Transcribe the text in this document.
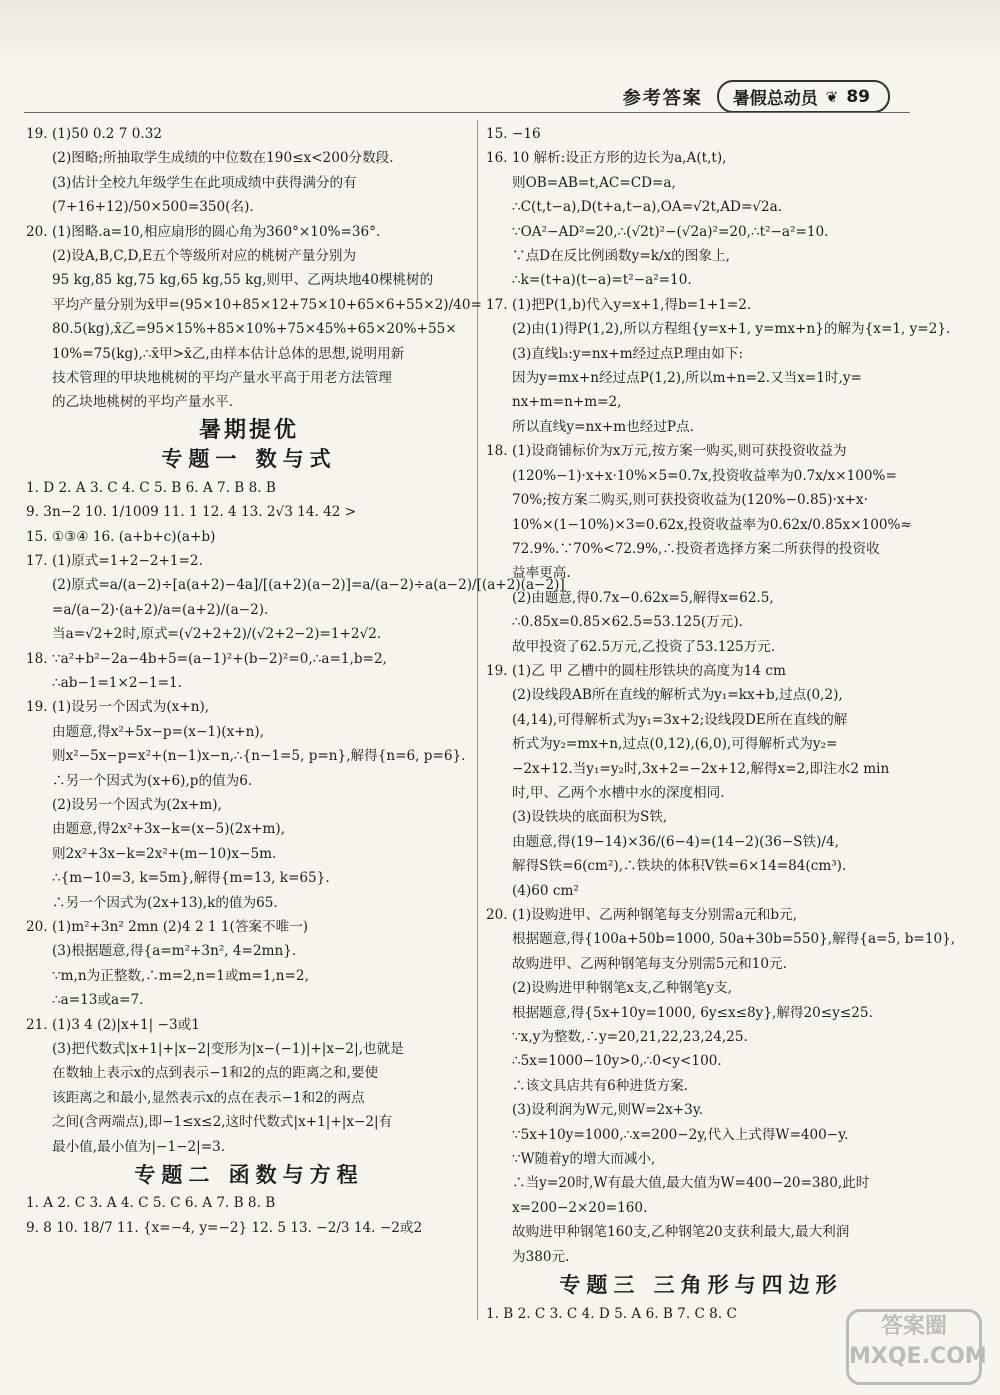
参考答案 暑假总动员 ❦ 89
19. (1)50 0.2 7 0.32
(2)图略;所抽取学生成绩的中位数在190≤x<200分数段.
(3)估计全校九年级学生在此项成绩中获得满分的有
(7+16+12)/50×500=350(名).
20. (1)图略.a=10,相应扇形的圆心角为360°×10%=36°.
(2)设A,B,C,D,E五个等级所对应的桃树产量分别为
95 kg,85 kg,75 kg,65 kg,55 kg,则甲、乙两块地40棵桃树的
平均产量分别为x̄甲=(95×10+85×12+75×10+65×6+55×2)/40=
80.5(kg),x̄乙=95×15%+85×10%+75×45%+65×20%+55×
10%=75(kg),∴x̄甲>x̄乙,由样本估计总体的思想,说明用新
技术管理的甲块地桃树的平均产量水平高于用老方法管理
的乙块地桃树的平均产量水平.
暑期提优
专题一 数与式
1. D 2. A 3. C 4. C 5. B 6. A 7. B 8. B
9. 3n−2 10. 1/1009 11. 1 12. 4 13. 2√3 14. 42 >
15. ①③④ 16. (a+b+c)(a+b)
17. (1)原式=1+2−2+1=2.
(2)原式=a/(a−2)÷[a(a+2)−4a]/[(a+2)(a−2)]=a/(a−2)÷a(a−2)/[(a+2)(a−2)]
=a/(a−2)·(a+2)/a=(a+2)/(a−2).
当a=√2+2时,原式=(√2+2+2)/(√2+2−2)=1+2√2.
18. ∵a²+b²−2a−4b+5=(a−1)²+(b−2)²=0,∴a=1,b=2,
∴ab−1=1×2−1=1.
19. (1)设另一个因式为(x+n),
由题意,得x²+5x−p=(x−1)(x+n),
则x²−5x−p=x²+(n−1)x−n,∴{n−1=5, p=n},解得{n=6, p=6}.
∴另一个因式为(x+6),p的值为6.
(2)设另一个因式为(2x+m),
由题意,得2x²+3x−k=(x−5)(2x+m),
则2x²+3x−k=2x²+(m−10)x−5m.
∴{m−10=3, k=5m},解得{m=13, k=65}.
∴另一个因式为(2x+13),k的值为65.
20. (1)m²+3n² 2mn (2)4 2 1 1(答案不唯一)
(3)根据题意,得{a=m²+3n², 4=2mn}.
∵m,n为正整数,∴m=2,n=1或m=1,n=2,
∴a=13或a=7.
21. (1)3 4 (2)|x+1| −3或1
(3)把代数式|x+1|+|x−2|变形为|x−(−1)|+|x−2|,也就是
在数轴上表示x的点到表示−1和2的点的距离之和,要使
该距离之和最小,显然表示x的点在表示−1和2的两点
之间(含两端点),即−1≤x≤2,这时代数式|x+1|+|x−2|有
最小值,最小值为|−1−2|=3.
专题二 函数与方程
1. A 2. C 3. A 4. C 5. C 6. A 7. B 8. B
9. 8 10. 18/7 11. {x=−4, y=−2} 12. 5 13. −2/3 14. −2或2
15. −16
16. 10 解析:设正方形的边长为a,A(t,t),
则OB=AB=t,AC=CD=a,
∴C(t,t−a),D(t+a,t−a),OA=√2t,AD=√2a.
∵OA²−AD²=20,∴(√2t)²−(√2a)²=20,∴t²−a²=10.
∵点D在反比例函数y=k/x的图象上,
∴k=(t+a)(t−a)=t²−a²=10.
17. (1)把P(1,b)代入y=x+1,得b=1+1=2.
(2)由(1)得P(1,2),所以方程组{y=x+1, y=mx+n}的解为{x=1, y=2}.
(3)直线l₃:y=nx+m经过点P.理由如下:
因为y=mx+n经过点P(1,2),所以m+n=2.又当x=1时,y=
nx+m=n+m=2,
所以直线y=nx+m也经过P点.
18. (1)设商铺标价为x万元,按方案一购买,则可获投资收益为
(120%−1)·x+x·10%×5=0.7x,投资收益率为0.7x/x×100%=
70%;按方案二购买,则可获投资收益为(120%−0.85)·x+x·
10%×(1−10%)×3=0.62x,投资收益率为0.62x/0.85x×100%≈
72.9%.∵70%<72.9%,∴投资者选择方案二所获得的投资收
益率更高.
(2)由题意,得0.7x−0.62x=5,解得x=62.5,
∴0.85x=0.85×62.5=53.125(万元).
故甲投资了62.5万元,乙投资了53.125万元.
19. (1)乙 甲 乙槽中的圆柱形铁块的高度为14 cm
(2)设线段AB所在直线的解析式为y₁=kx+b,过点(0,2),
(4,14),可得解析式为y₁=3x+2;设线段DE所在直线的解
析式为y₂=mx+n,过点(0,12),(6,0),可得解析式为y₂=
−2x+12.当y₁=y₂时,3x+2=−2x+12,解得x=2,即注水2 min
时,甲、乙两个水槽中水的深度相同.
(3)设铁块的底面积为S铁,
由题意,得(19−14)×36/(6−4)=(14−2)(36−S铁)/4,
解得S铁=6(cm²),∴铁块的体积V铁=6×14=84(cm³).
(4)60 cm²
20. (1)设购进甲、乙两种钢笔每支分别需a元和b元,
根据题意,得{100a+50b=1000, 50a+30b=550},解得{a=5, b=10},
故购进甲、乙两种钢笔每支分别需5元和10元.
(2)设购进甲种钢笔x支,乙种钢笔y支,
根据题意,得{5x+10y=1000, 6y≤x≤8y},解得20≤y≤25.
∵x,y为整数,∴y=20,21,22,23,24,25.
∴5x=1000−10y>0,∴0<y<100.
∴该文具店共有6种进货方案.
(3)设利润为W元,则W=2x+3y.
∵5x+10y=1000,∴x=200−2y,代入上式得W=400−y.
∵W随着y的增大而减小,
∴当y=20时,W有最大值,最大值为W=400−20=380,此时
x=200−2×20=160.
故购进甲种钢笔160支,乙种钢笔20支获利最大,最大利润
为380元.
专题三 三角形与四边形
1. B 2. C 3. C 4. D 5. A 6. B 7. C 8. C
答案圈 MXQE.COM
